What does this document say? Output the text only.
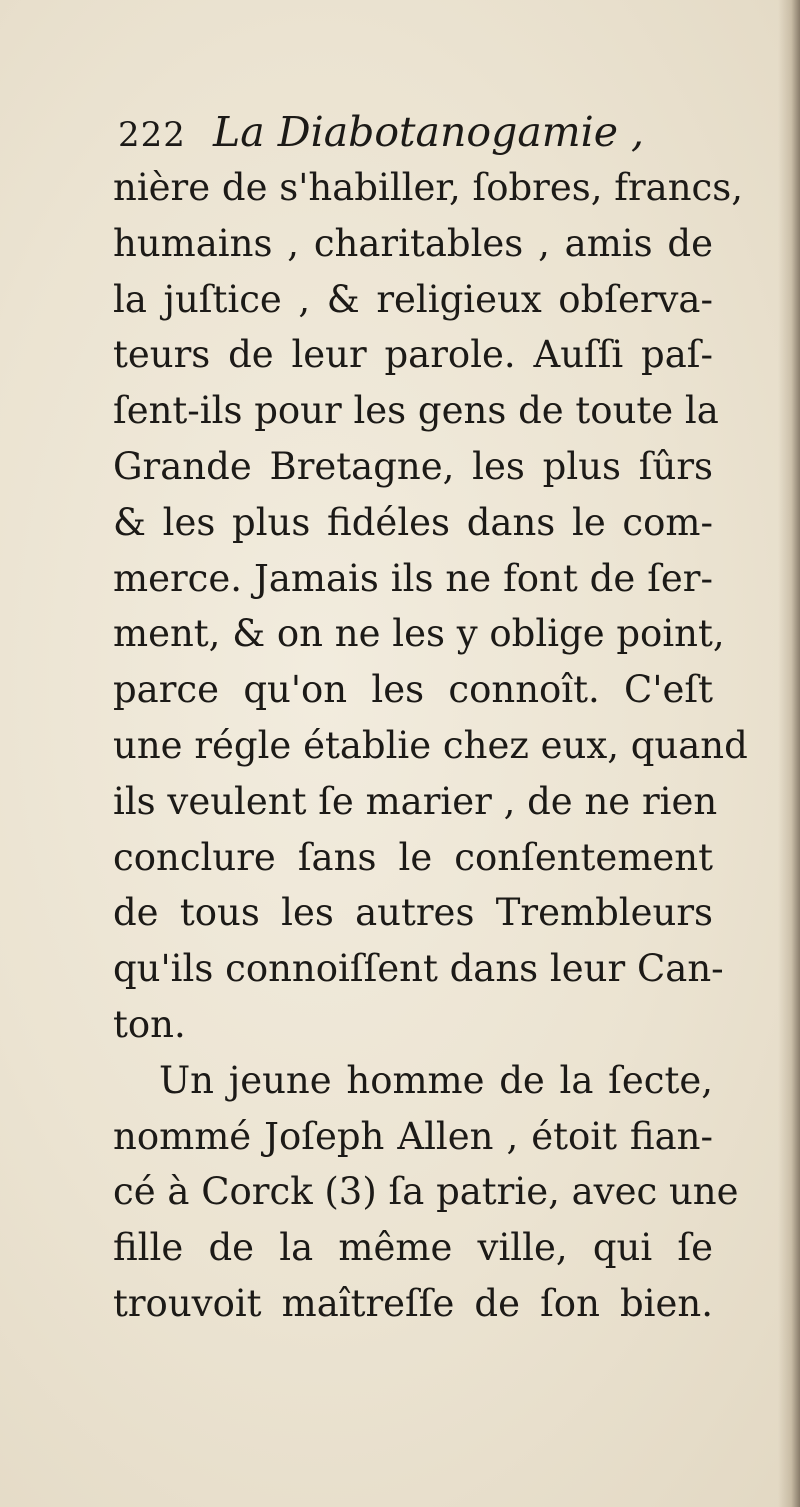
222 La Diabotanogamie ,
nière de s'habiller, ſobres, francs,
humains , charitables , amis de
la juſtice , & religieux obſerva-
teurs de leur parole. Auſſi paſ-
ſent-ils pour les gens de toute la
Grande Bretagne, les plus ſûrs
& les plus fidéles dans le com-
merce. Jamais ils ne font de ſer-
ment, & on ne les y oblige point,
parce qu'on les connoît. C'eſt
une régle établie chez eux, quand
ils veulent ſe marier , de ne rien
conclure ſans le conſentement
de tous les autres Trembleurs
qu'ils connoiſſent dans leur Can-
ton.
Un jeune homme de la ſecte,
nommé Joſeph Allen , étoit fian-
cé à Corck (3) ſa patrie, avec une
fille de la même ville, qui ſe
trouvoit maîtreſſe de ſon bien.
